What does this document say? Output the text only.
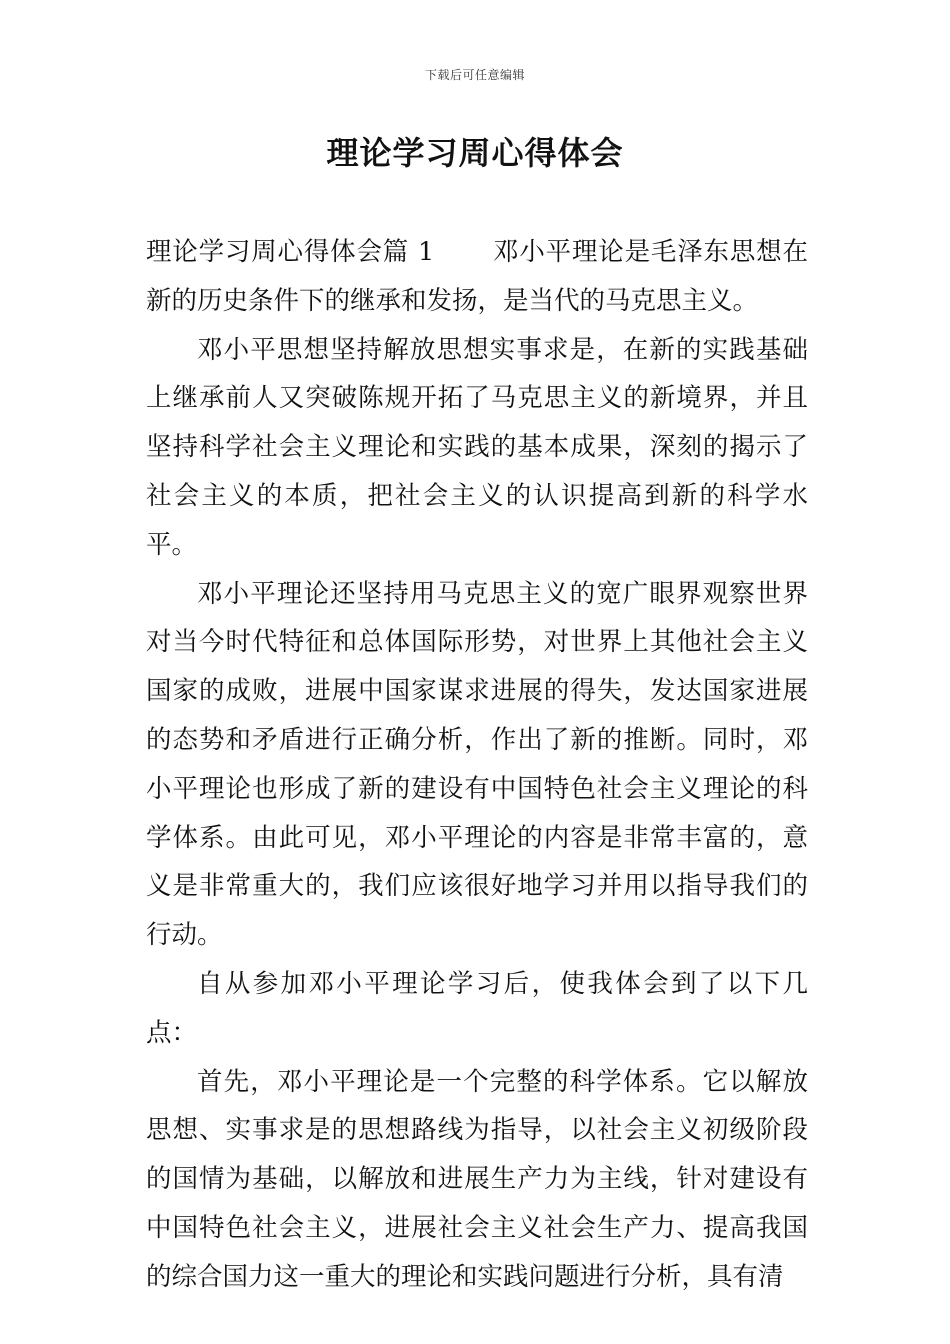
下载后可任意编辑
理论学习周心得体会

理论学习周心得体会篇 1 邓小平理论是毛泽东思想在新的历史条件下的继承和发扬，是当代的马克思主义。

邓小平思想坚持解放思想实事求是，在新的实践基础上继承前人又突破陈规开拓了马克思主义的新境界，并且坚持科学社会主义理论和实践的基本成果，深刻的揭示了社会主义的本质，把社会主义的认识提高到新的科学水平。

邓小平理论还坚持用马克思主义的宽广眼界观察世界对当今时代特征和总体国际形势，对世界上其他社会主义国家的成败，进展中国家谋求进展的得失，发达国家进展的态势和矛盾进行正确分析，作出了新的推断。同时，邓小平理论也形成了新的建设有中国特色社会主义理论的科学体系。由此可见，邓小平理论的内容是非常丰富的，意义是非常重大的，我们应该很好地学习并用以指导我们的行动。

自从参加邓小平理论学习后，使我体会到了以下几点：

首先，邓小平理论是一个完整的科学体系。它以解放思想、实事求是的思想路线为指导，以社会主义初级阶段的国情为基础，以解放和进展生产力为主线，针对建设有中国特色社会主义，进展社会主义社会生产力、提高我国的综合国力这一重大的理论和实践问题进行分析，具有清
